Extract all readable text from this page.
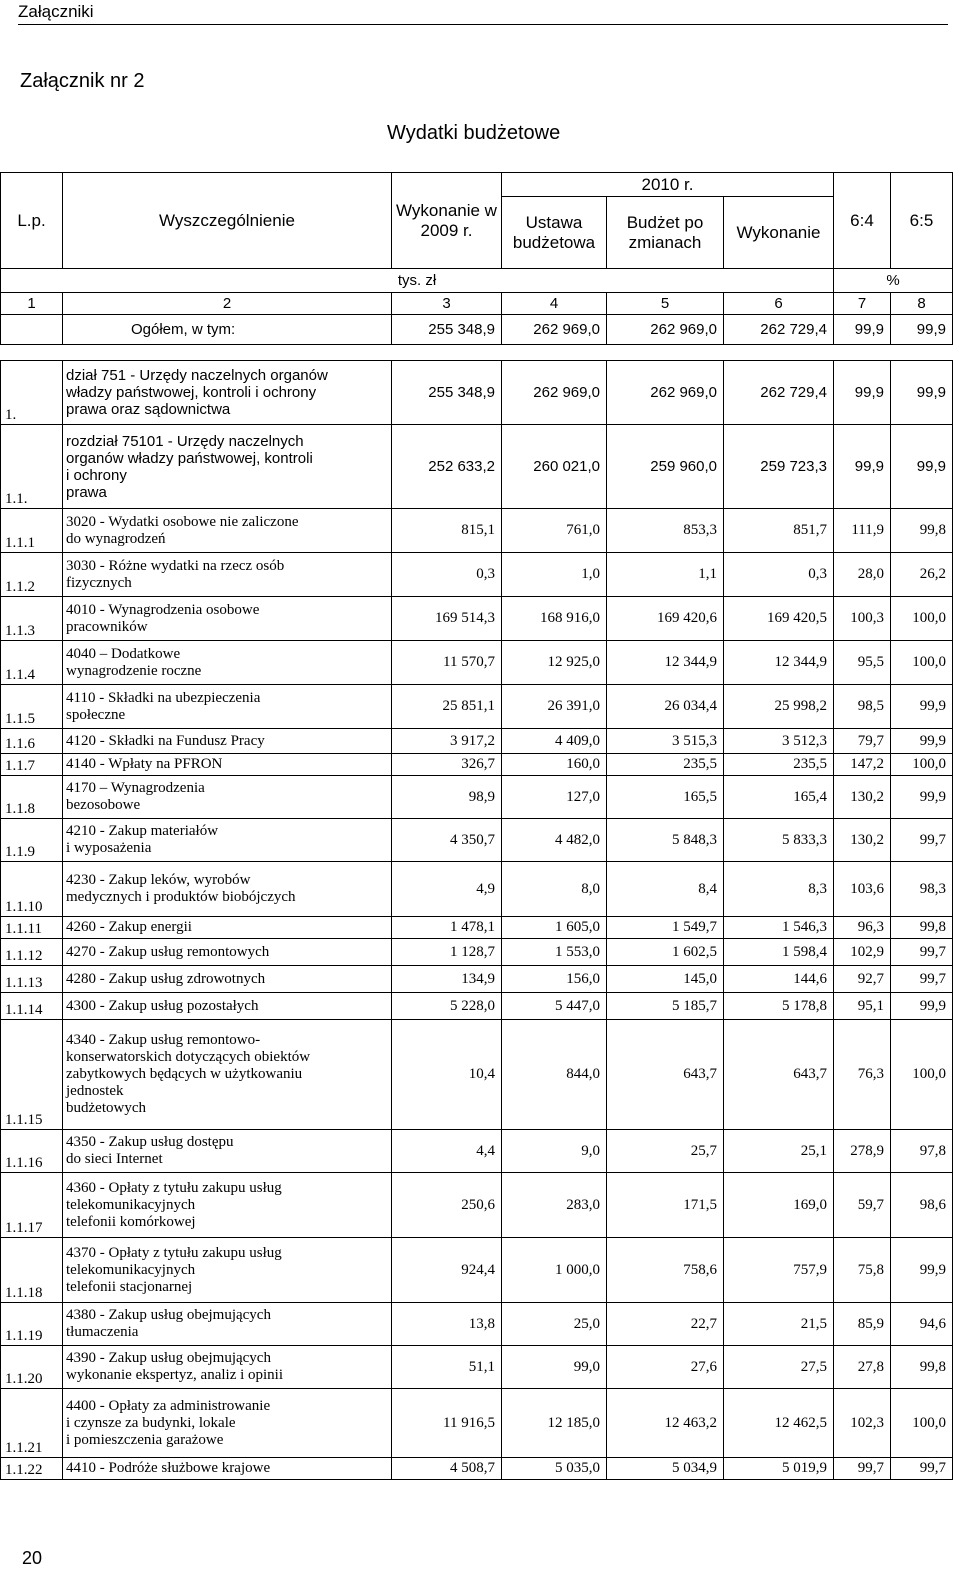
Załączniki
Załącznik nr 2
Wydatki budżetowe
L.p.	Wyszczególnienie	Wykonanie w 2009 r.	2010 r.			6:4	6:5
			Ustawa budżetowa	Budżet po zmianach	Wykonanie		

tys. zł						%	
1	2	3	4	5	6	7	8
	Ogółem, w tym:	255 348,9	262 969,0	262 969,0	262 729,4	99,9	99,9

1.	dział 751 - Urzędy naczelnych organów
władzy państwowej, kontroli i ochrony
prawa oraz sądownictwa	255 348,9	262 969,0	262 969,0	262 729,4	99,9	99,9
1.1.	rozdział 75101 - Urzędy naczelnych
organów władzy państwowej, kontroli
i ochrony
prawa	252 633,2	260 021,0	259 960,0	259 723,3	99,9	99,9
1.1.1	3020 - Wydatki osobowe nie zaliczone
do wynagrodzeń	815,1	761,0	853,3	851,7	111,9	99,8
1.1.2	3030 - Różne wydatki na rzecz osób
fizycznych	0,3	1,0	1,1	0,3	28,0	26,2
1.1.3	4010 - Wynagrodzenia osobowe
pracowników	169 514,3	168 916,0	169 420,6	169 420,5	100,3	100,0
1.1.4	4040 – Dodatkowe
wynagrodzenie roczne	11 570,7	12 925,0	12 344,9	12 344,9	95,5	100,0
1.1.5	4110 - Składki na ubezpieczenia
społeczne	25 851,1	26 391,0	26 034,4	25 998,2	98,5	99,9
1.1.6	4120 - Składki na Fundusz Pracy	3 917,2	4 409,0	3 515,3	3 512,3	79,7	99,9
1.1.7	4140 - Wpłaty na PFRON	326,7	160,0	235,5	235,5	147,2	100,0
1.1.8	4170 – Wynagrodzenia
bezosobowe	98,9	127,0	165,5	165,4	130,2	99,9
1.1.9	4210 - Zakup materiałów
i wyposażenia	4 350,7	4 482,0	5 848,3	5 833,3	130,2	99,7
1.1.10	4230 - Zakup leków, wyrobów
medycznych i produktów biobójczych	4,9	8,0	8,4	8,3	103,6	98,3
1.1.11	4260 - Zakup energii	1 478,1	1 605,0	1 549,7	1 546,3	96,3	99,8
1.1.12	4270 - Zakup usług remontowych	1 128,7	1 553,0	1 602,5	1 598,4	102,9	99,7
1.1.13	4280 - Zakup usług zdrowotnych	134,9	156,0	145,0	144,6	92,7	99,7
1.1.14	4300 - Zakup usług pozostałych	5 228,0	5 447,0	5 185,7	5 178,8	95,1	99,9
1.1.15	4340 - Zakup usług remontowo-
konserwatorskich dotyczących obiektów
zabytkowych będących w użytkowaniu
jednostek
budżetowych	10,4	844,0	643,7	643,7	76,3	100,0
1.1.16	4350 - Zakup usług dostępu
do sieci Internet	4,4	9,0	25,7	25,1	278,9	97,8
1.1.17	4360 - Opłaty z tytułu zakupu usług
telekomunikacyjnych
telefonii komórkowej	250,6	283,0	171,5	169,0	59,7	98,6
1.1.18	4370 - Opłaty z tytułu zakupu usług
telekomunikacyjnych
telefonii stacjonarnej	924,4	1 000,0	758,6	757,9	75,8	99,9
1.1.19	4380 - Zakup usług obejmujących
tłumaczenia	13,8	25,0	22,7	21,5	85,9	94,6
1.1.20	4390 - Zakup usług obejmujących
wykonanie ekspertyz, analiz i opinii	51,1	99,0	27,6	27,5	27,8	99,8
1.1.21	4400 - Opłaty za administrowanie
i czynsze za budynki, lokale
i pomieszczenia garażowe	11 916,5	12 185,0	12 463,2	12 462,5	102,3	100,0
1.1.22	4410 - Podróże służbowe krajowe	4 508,7	5 035,0	5 034,9	5 019,9	99,7	99,7
20
